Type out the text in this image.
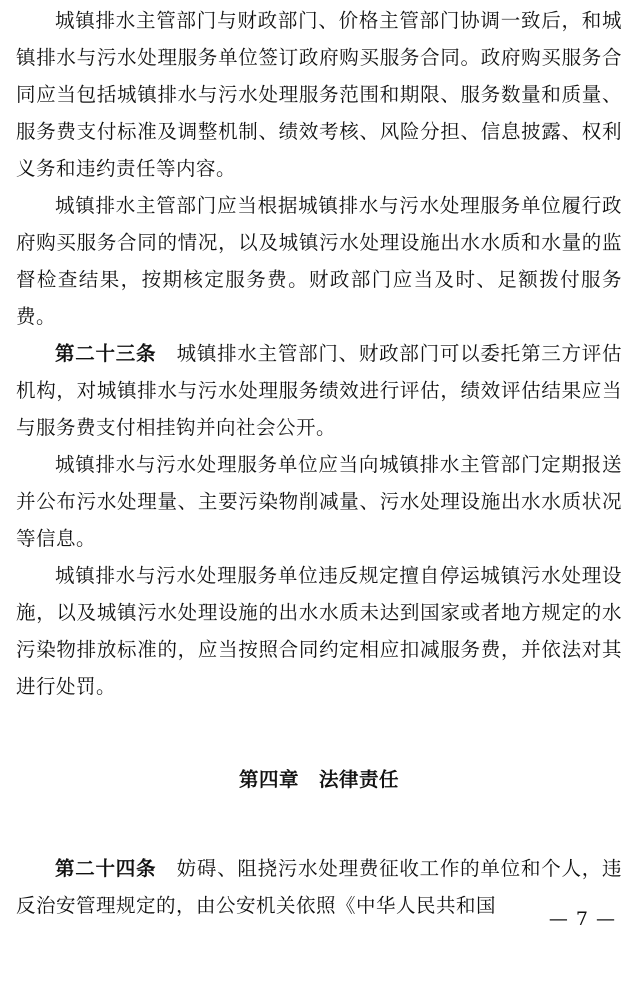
城镇排水主管部门与财政部门、价格主管部门协调一致后，和城镇排水与污水处理服务单位签订政府购买服务合同。政府购买服务合同应当包括城镇排水与污水处理服务范围和期限、服务数量和质量、服务费支付标准及调整机制、绩效考核、风险分担、信息披露、权利义务和违约责任等内容。

城镇排水主管部门应当根据城镇排水与污水处理服务单位履行政府购买服务合同的情况，以及城镇污水处理设施出水水质和水量的监督检查结果，按期核定服务费。财政部门应当及时、足额拨付服务费。

第二十三条　 城镇排水主管部门、财政部门可以委托第三方评估机构，对城镇排水与污水处理服务绩效进行评估，绩效评估结果应当与服务费支付相挂钩并向社会公开。

城镇排水与污水处理服务单位应当向城镇排水主管部门定期报送并公布污水处理量、主要污染物削减量、污水处理设施出水水质状况等信息。

城镇排水与污水处理服务单位违反规定擅自停运城镇污水处理设施，以及城镇污水处理设施的出水水质未达到国家或者地方规定的水污染物排放标准的，应当按照合同约定相应扣减服务费，并依法对其进行处罚。

第四章　法律责任

第二十四条　 妨碍、阻挠污水处理费征收工作的单位和个人，违反治安管理规定的，由公安机关依照《中华人民共和国

— 7 —
